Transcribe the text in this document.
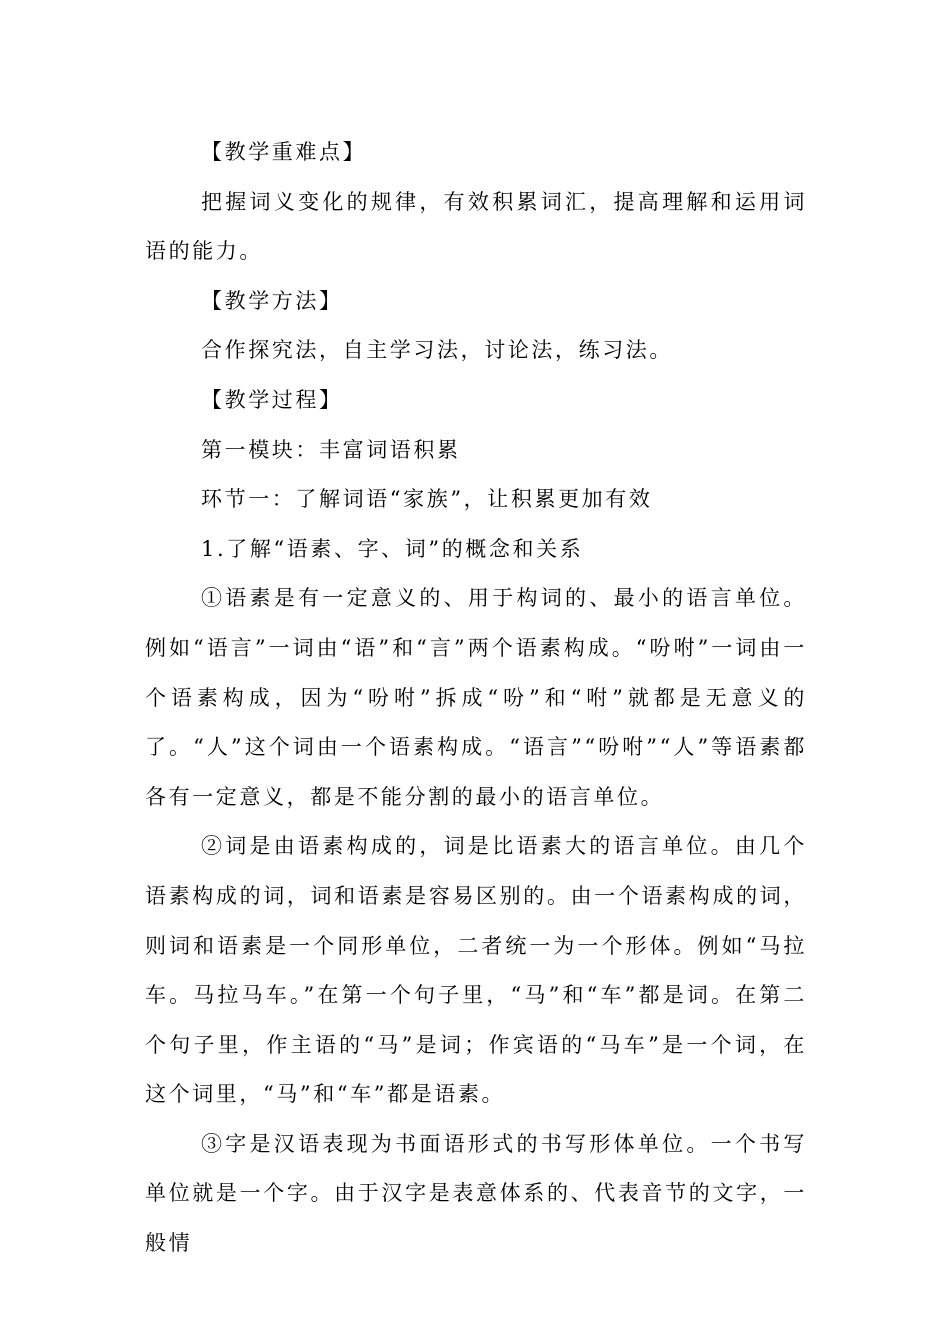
【教学重难点】

把握词义变化的规律，有效积累词汇，提高理解和运用词语的能力。

【教学方法】

合作探究法，自主学习法，讨论法，练习法。

【教学过程】

第一模块：丰富词语积累

环节一：了解词语“家族”，让积累更加有效

1.了解“语素、字、词”的概念和关系

①语素是有一定意义的、用于构词的、最小的语言单位。例如“语言”一词由“语”和“言”两个语素构成。“吩咐”一词由一个语素构成，因为“吩咐”拆成“吩”和“咐”就都是无意义的了。“人”这个词由一个语素构成。“语言”“吩咐”“人”等语素都各有一定意义，都是不能分割的最小的语言单位。

②词是由语素构成的，词是比语素大的语言单位。由几个语素构成的词，词和语素是容易区别的。由一个语素构成的词，则词和语素是一个同形单位，二者统一为一个形体。例如“马拉车。马拉马车。”在第一个句子里，“马”和“车”都是词。在第二个句子里，作主语的“马”是词；作宾语的“马车”是一个词，在这个词里，“马”和“车”都是语素。

③字是汉语表现为书面语形式的书写形体单位。一个书写单位就是一个字。由于汉字是表意体系的、代表音节的文字，一般情
